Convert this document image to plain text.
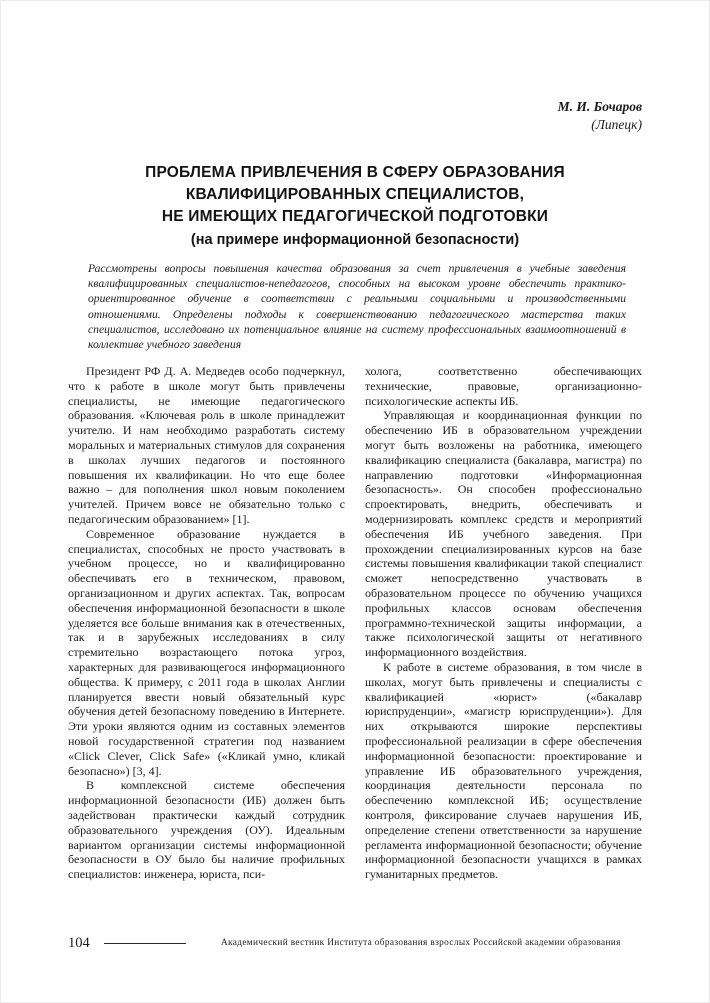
М. И. Бочаров
(Липецк)
ПРОБЛЕМА ПРИВЛЕЧЕНИЯ В СФЕРУ ОБРАЗОВАНИЯ
КВАЛИФИЦИРОВАННЫХ СПЕЦИАЛИСТОВ,
НЕ ИМЕЮЩИХ ПЕДАГОГИЧЕСКОЙ ПОДГОТОВКИ
(на примере информационной безопасности)
Рассмотрены вопросы повышения качества образования за счет привлечения в учебные заведения квалифицированных специалистов-непедагогов, способных на высоком уровне обеспечить практико-ориентированное обучение в соответствии с реальными социальными и производственными отношениями. Определены подходы к совершенствованию педагогического мастерства таких специалистов, исследовано их потенциальное влияние на систему профессиональных взаимоотношений в коллективе учебного заведения

Президент РФ Д. А. Медведев особо подчеркнул, что к работе в школе могут быть привлечены специалисты, не имеющие педагогического образования. «Ключевая роль в школе принадлежит учителю. И нам необходимо разработать систему моральных и материальных стимулов для сохранения в школах лучших педагогов и постоянного повышения их квалификации. Но что еще более важно – для пополнения школ новым поколением учителей. Причем вовсе не обязательно только с педагогическим образованием» [1].

Современное образование нуждается в специалистах, способных не просто участвовать в учебном процессе, но и квалифицированно обеспечивать его в техническом, правовом, организационном и других аспектах. Так, вопросам обеспечения информационной безопасности в школе уделяется все больше внимания как в отечественных, так и в зарубежных исследованиях в силу стремительно возрастающего потока угроз, характерных для развивающегося информационного общества. К примеру, с 2011 года в школах Англии планируется ввести новый обязательный курс обучения детей безопасному поведению в Интернете. Эти уроки являются одним из составных элементов новой государственной стратегии под названием «Click Clever, Click Safe» («Кликай умно, кликай безопасно») [3, 4].

В комплексной системе обеспечения информационной безопасности (ИБ) должен быть задействован практически каждый сотрудник образовательного учреждения (ОУ). Идеальным вариантом организации системы информационной безопасности в ОУ было бы наличие профильных специалистов: инженера, юриста, пси-

холога, соответственно обеспечивающих технические, правовые, организационно-психологические аспекты ИБ.

Управляющая и координационная функции по обеспечению ИБ в образовательном учреждении могут быть возложены на работника, имеющего квалификацию специалиста (бакалавра, магистра) по направлению подготовки «Информационная безопасность». Он способен профессионально спроектировать, внедрить, обеспечивать и модернизировать комплекс средств и мероприятий обеспечения ИБ учебного заведения. При прохождении специализированных курсов на базе системы повышения квалификации такой специалист сможет непосредственно участвовать в образовательном процессе по обучению учащихся профильных классов основам обеспечения программно-технической защиты информации, а также психологической защиты от негативного информационного воздействия.

К работе в системе образования, в том числе в школах, могут быть привлечены и специалисты с квалификацией «юрист» («бакалавр юриспруденции», «магистр юриспруденции»). Для них открываются широкие перспективы профессиональной реализации в сфере обеспечения информационной безопасности: проектирование и управление ИБ образовательного учреждения, координация деятельности персонала по обеспечению комплексной ИБ; осуществление контроля, фиксирование случаев нарушения ИБ, определение степени ответственности за нарушение регламента информационной безопасности; обучение информационной безопасности учащихся в рамках гуманитарных предметов.

104	Академический вестник Института образования взрослых Российской академии образования
